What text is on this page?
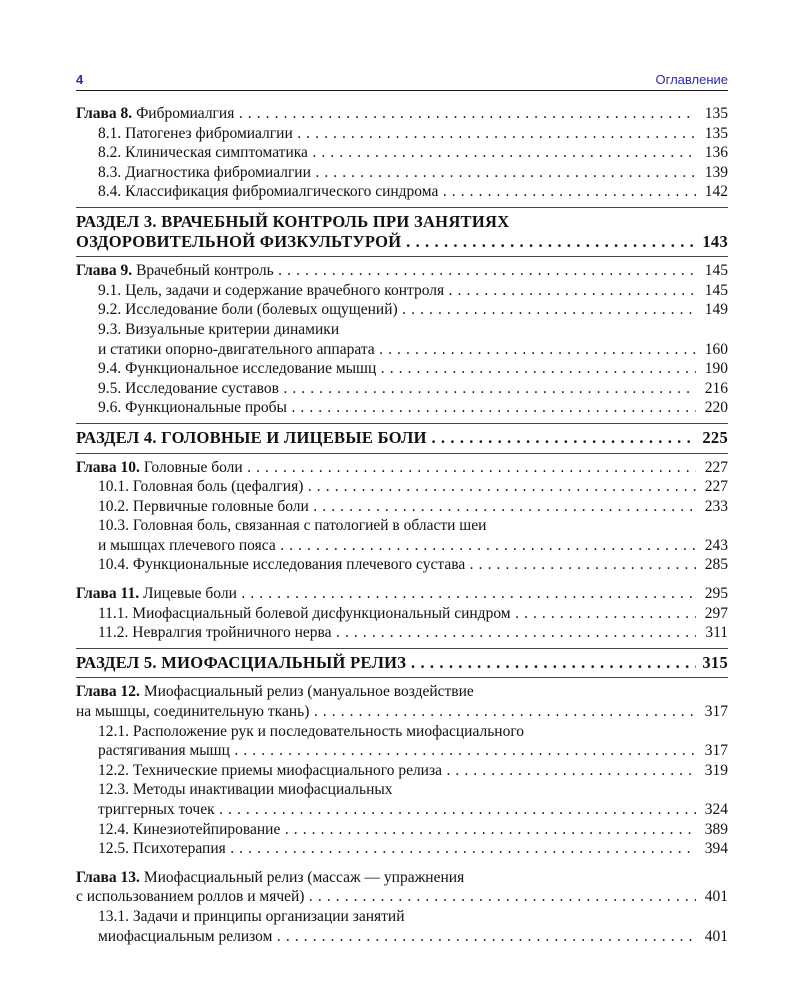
4	Оглавление
Глава 8. Фибромиалгия . . .	135
8.1. Патогенез фибромиалгии . . .	135
8.2. Клиническая симптоматика . . .	136
8.3. Диагностика фибромиалгии . . .	139
8.4. Классификация фибромиалгического синдрома . . .	142
РАЗДЕЛ 3. ВРАЧЕБНЫЙ КОНТРОЛЬ ПРИ ЗАНЯТИЯХ
ОЗДОРОВИТЕЛЬНОЙ ФИЗКУЛЬТУРОЙ . . .	143
Глава 9. Врачебный контроль . . .	145
9.1. Цель, задачи и содержание врачебного контроля . . .	145
9.2. Исследование боли (болевых ощущений) . . .	149
9.3. Визуальные критерии динамики
и статики опорно-двигательного аппарата . . .	160
9.4. Функциональное исследование мышц . . .	190
9.5. Исследование суставов . . .	216
9.6. Функциональные пробы . . .	220
РАЗДЕЛ 4. ГОЛОВНЫЕ И ЛИЦЕВЫЕ БОЛИ . . .	225
Глава 10. Головные боли . . .	227
10.1. Головная боль (цефалгия) . . .	227
10.2. Первичные головные боли . . .	233
10.3. Головная боль, связанная с патологией в области шеи
и мышцах плечевого пояса . . .	243
10.4. Функциональные исследования плечевого сустава . . .	285
Глава 11. Лицевые боли . . .	295
11.1. Миофасциальный болевой дисфункциональный синдром . . .	297
11.2. Невралгия тройничного нерва . . .	311
РАЗДЕЛ 5. МИОФАСЦИАЛЬНЫЙ РЕЛИЗ . . .	315
Глава 12. Миофасциальный релиз (мануальное воздействие
на мышцы, соединительную ткань) . . .	317
12.1. Расположение рук и последовательность миофасциального
растягивания мышц . . .	317
12.2. Технические приемы миофасциального релиза . . .	319
12.3. Методы инактивации миофасциальных
триггерных точек . . .	324
12.4. Кинезиотейпирование . . .	389
12.5. Психотерапия . . .	394
Глава 13. Миофасциальный релиз (массаж — упражнения
с использованием роллов и мячей) . . .	401
13.1. Задачи и принципы организации занятий
миофасциальным релизом . . .	401
